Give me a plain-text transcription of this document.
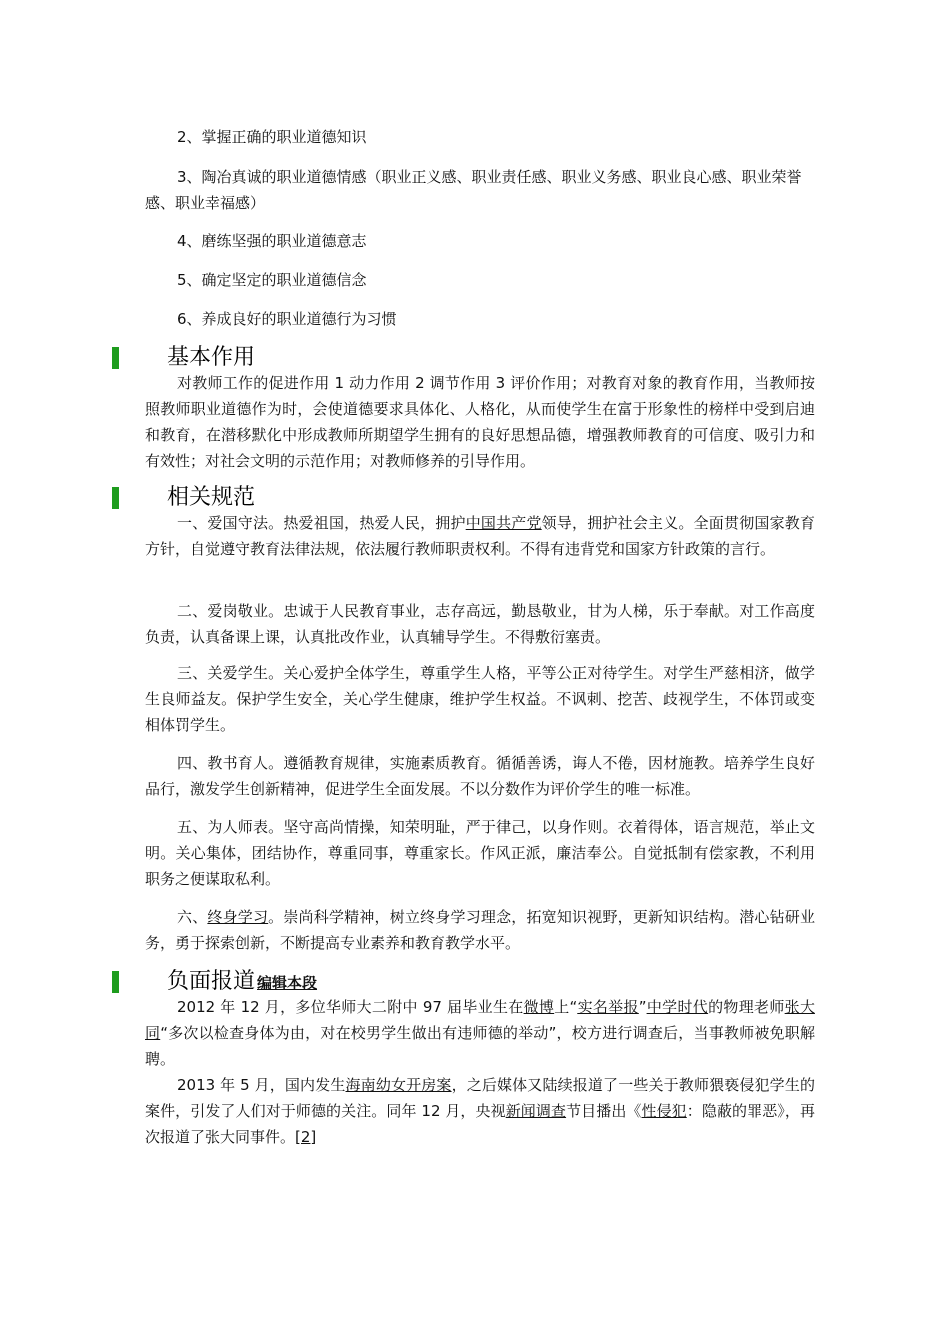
2、掌握正确的职业道德知识

3、陶冶真诚的职业道德情感（职业正义感、职业责任感、职业义务感、职业良心感、职业荣誉感、职业幸福感）

4、磨练坚强的职业道德意志

5、确定坚定的职业道德信念

6、养成良好的职业道德行为习惯

基本作用

对教师工作的促进作用 1 动力作用 2 调节作用 3 评价作用；对教育对象的教育作用，当教师按照教师职业道德作为时，会使道德要求具体化、人格化，从而使学生在富于形象性的榜样中受到启迪和教育，在潜移默化中形成教师所期望学生拥有的良好思想品德，增强教师教育的可信度、吸引力和有效性；对社会文明的示范作用；对教师修养的引导作用。

相关规范

一、爱国守法。热爱祖国，热爱人民，拥护中国共产党领导，拥护社会主义。全面贯彻国家教育方针，自觉遵守教育法律法规，依法履行教师职责权利。不得有违背党和国家方针政策的言行。

二、爱岗敬业。忠诚于人民教育事业，志存高远，勤恳敬业，甘为人梯，乐于奉献。对工作高度负责，认真备课上课，认真批改作业，认真辅导学生。不得敷衍塞责。

三、关爱学生。关心爱护全体学生，尊重学生人格，平等公正对待学生。对学生严慈相济，做学生良师益友。保护学生安全，关心学生健康，维护学生权益。不讽刺、挖苦、歧视学生，不体罚或变相体罚学生。

四、教书育人。遵循教育规律，实施素质教育。循循善诱，诲人不倦，因材施教。培养学生良好品行，激发学生创新精神，促进学生全面发展。不以分数作为评价学生的唯一标准。

五、为人师表。坚守高尚情操，知荣明耻，严于律己，以身作则。衣着得体，语言规范，举止文明。关心集体，团结协作，尊重同事，尊重家长。作风正派，廉洁奉公。自觉抵制有偿家教，不利用职务之便谋取私利。

六、终身学习。崇尚科学精神，树立终身学习理念，拓宽知识视野，更新知识结构。潜心钻研业务，勇于探索创新，不断提高专业素养和教育教学水平。

负面报道 编辑本段

2012 年 12 月，多位华师大二附中 97 届毕业生在微博上“实名举报”中学时代的物理老师张大同“多次以检查身体为由，对在校男学生做出有违师德的举动”，校方进行调查后，当事教师被免职解聘。

2013 年 5 月，国内发生海南幼女开房案，之后媒体又陆续报道了一些关于教师猥亵侵犯学生的案件，引发了人们对于师德的关注。同年 12 月，央视新闻调查节目播出《性侵犯：隐蔽的罪恶》，再次报道了张大同事件。[2]
